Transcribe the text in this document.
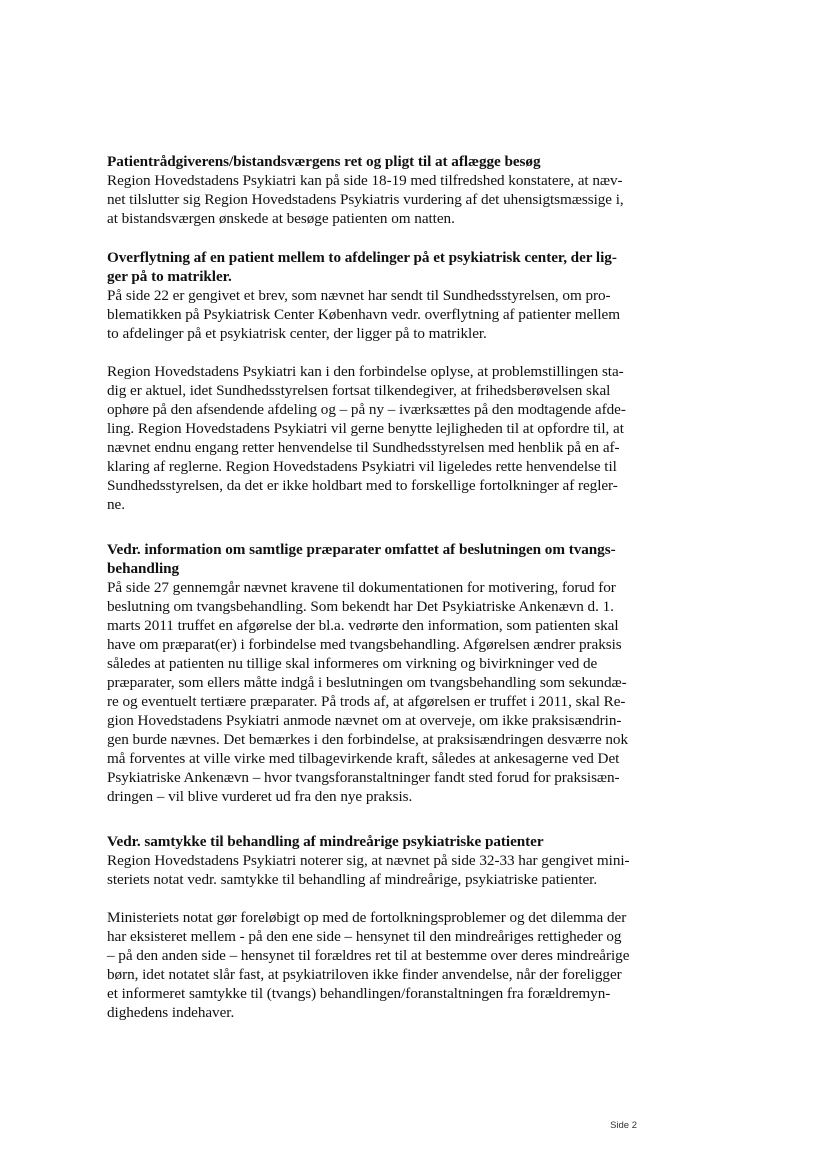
Patientrådgiverens/bistandsværgens ret og pligt til at aflægge besøg
Region Hovedstadens Psykiatri kan på side 18-19 med tilfredshed konstatere, at næv-
net tilslutter sig Region Hovedstadens Psykiatris vurdering af det uhensigtsmæssige i,
at bistandsværgen ønskede at besøge patienten om natten.
Overflytning af en patient mellem to afdelinger på et psykiatrisk center, der lig-
ger på to matrikler.
På side 22 er gengivet et brev, som nævnet har sendt til Sundhedsstyrelsen, om pro-
blematikken på Psykiatrisk Center København vedr. overflytning af patienter mellem
to afdelinger på et psykiatrisk center, der ligger på to matrikler.
Region Hovedstadens Psykiatri kan i den forbindelse oplyse, at problemstillingen sta-
dig er aktuel, idet Sundhedsstyrelsen fortsat tilkendegiver, at frihedsberøvelsen skal
ophøre på den afsendende afdeling og – på ny – iværksættes på den modtagende afde-
ling. Region Hovedstadens Psykiatri vil gerne benytte lejligheden til at opfordre til, at
nævnet endnu engang retter henvendelse til Sundhedsstyrelsen med henblik på en af-
klaring af reglerne. Region Hovedstadens Psykiatri vil ligeledes rette henvendelse til
Sundhedsstyrelsen, da det er ikke holdbart med to forskellige fortolkninger af regler-
ne.
Vedr. information om samtlige præparater omfattet af beslutningen om tvangs-
behandling
På side 27 gennemgår nævnet kravene til dokumentationen for motivering, forud for
beslutning om tvangsbehandling. Som bekendt har Det Psykiatriske Ankenævn d. 1.
marts 2011 truffet en afgørelse der bl.a. vedrørte den information, som patienten skal
have om præparat(er) i forbindelse med tvangsbehandling. Afgørelsen ændrer praksis
således at patienten nu tillige skal informeres om virkning og bivirkninger ved de
præparater, som ellers måtte indgå i beslutningen om tvangsbehandling som sekundæ-
re og eventuelt tertiære præparater. På trods af, at afgørelsen er truffet i 2011, skal Re-
gion Hovedstadens Psykiatri anmode nævnet om at overveje, om ikke praksisændrin-
gen burde nævnes. Det bemærkes i den forbindelse, at praksisændringen desværre nok
må forventes at ville virke med tilbagevirkende kraft, således at ankesagerne ved Det
Psykiatriske Ankenævn – hvor tvangsforanstaltninger fandt sted forud for praksisæn-
dringen – vil blive vurderet ud fra den nye praksis.
Vedr. samtykke til behandling af mindreårige psykiatriske patienter
Region Hovedstadens Psykiatri noterer sig, at nævnet på side 32-33 har gengivet mini-
steriets notat vedr. samtykke til behandling af mindreårige, psykiatriske patienter.
Ministeriets notat gør foreløbigt op med de fortolkningsproblemer og det dilemma der
har eksisteret mellem - på den ene side – hensynet til den mindreåriges rettigheder og
– på den anden side – hensynet til forældres ret til at bestemme over deres mindreårige
børn, idet notatet slår fast, at psykiatriloven ikke finder anvendelse, når der foreligger
et informeret samtykke til (tvangs) behandlingen/foranstaltningen fra forældremyn-
dighedens indehaver.
Side 2
